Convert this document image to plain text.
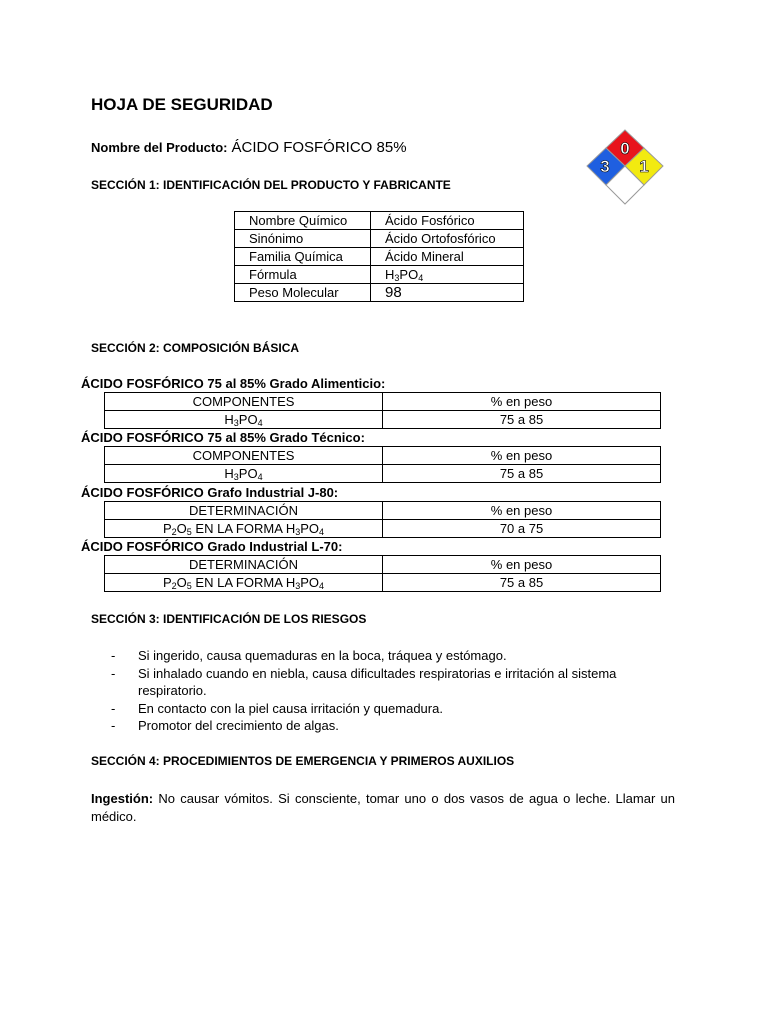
HOJA DE SEGURIDAD
Nombre del Producto: ÁCIDO FOSFÓRICO 85%	0
3 1
SECCIÓN 1: IDENTIFICACIÓN DEL PRODUCTO Y FABRICANTE
Nombre Químico	Ácido Fosfórico
Sinónimo	Ácido Ortofosfórico
Familia Química	Ácido Mineral
Fórmula	$H_3PO_4$
Peso Molecular	98
SECCIÓN 2: COMPOSICIÓN BÁSICA
ÁCIDO FOSFÓRICO 75 al 85% Grado Alimenticio:
COMPONENTES	% en peso
$H_3PO_4$	75 a 85
ÁCIDO FOSFÓRICO 75 al 85% Grado Técnico:
COMPONENTES	% en peso
$H_3PO_4$	75 a 85
ÁCIDO FOSFÓRICO Grafo Industrial J-80:
DETERMINACIÓN	% en peso
$P_2O_5$ EN LA FORMA $H_3PO_4$	70 a 75
ÁCIDO FOSFÓRICO Grado Industrial L-70:
DETERMINACIÓN	% en peso
$P_2O_5$ EN LA FORMA $H_3PO_4$	75 a 85
SECCIÓN 3: IDENTIFICACIÓN DE LOS RIESGOS
- Si ingerido, causa quemaduras en la boca, tráquea y estómago.
- Si inhalado cuando en niebla, causa dificultades respiratorias e irritación al sistema respiratorio.
- En contacto con la piel causa irritación y quemadura.
- Promotor del crecimiento de algas.
SECCIÓN 4: PROCEDIMIENTOS DE EMERGENCIA Y PRIMEROS AUXILIOS
Ingestión: No causar vómitos. Si consciente, tomar uno o dos vasos de agua o leche. Llamar un médico.
